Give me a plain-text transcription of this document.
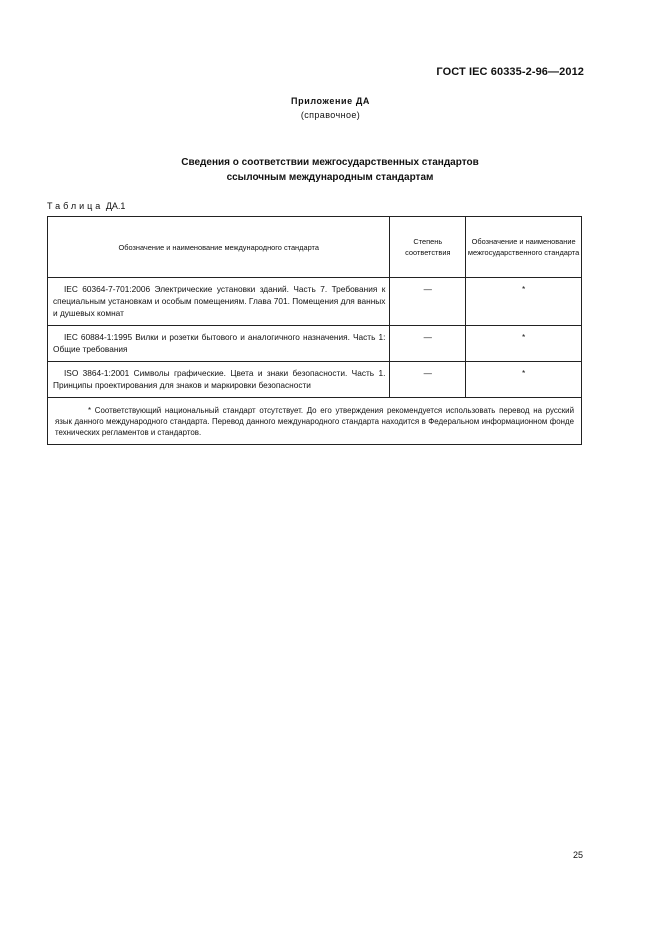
ГОСТ IEC 60335-2-96—2012
Приложение ДА
(справочное)
Сведения о соответствии межгосударственных стандартов
ссылочным международным стандартам
Таблица ДА.1
Обозначение и наименование международного стандарта	Степень соответствия	Обозначение и наименование межгосударственного стандарта
IEC 60364-7-701:2006 Электрические установки зданий. Часть 7. Требования к специальным установкам и особым помещениям. Глава 701. Помещения для ванных и душевых комнат	—	*
IEC 60884-1:1995 Вилки и розетки бытового и аналогичного назначения. Часть 1: Общие требования	—	*
ISO 3864-1:2001 Символы графические. Цвета и знаки безопасности. Часть 1. Принципы проектирования для знаков и маркировки безопасности	—	*
* Соответствующий национальный стандарт отсутствует. До его утверждения рекомендуется использовать перевод на русский язык данного международного стандарта. Перевод данного международного стандарта находится в Федеральном информационном фонде технических регламентов и стандартов.		
25
